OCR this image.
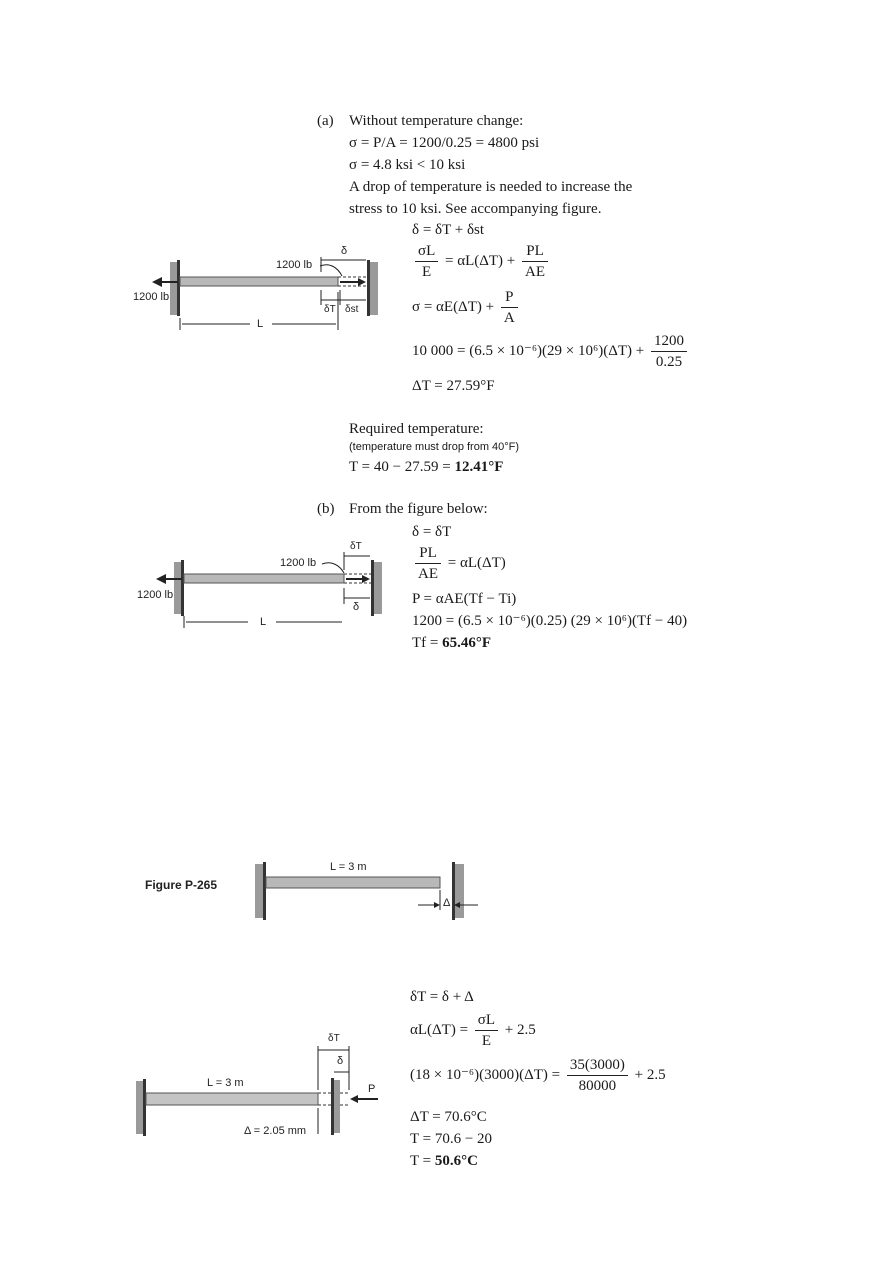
(a) Without temperature change:
σ = P/A = 1200/0.25 = 4800 psi
σ = 4.8 ksi < 10 ksi
A drop of temperature is needed to increase the
stress to 10 ksi. See accompanying figure.
δ = δT + δst
$\frac{\sigma L}{E} = \alpha L(\Delta T) + \frac{PL}{AE}$
$\sigma = \alpha E(\Delta T) + \frac{P}{A}$
10 $000 = (6.5 \times 10^{-6})(29 \times 10^6)(\Delta T) + \frac{1200}{0.25}$
ΔT = 27.59°F
Required temperature:
(temperature must drop from 40°F)
T = 40 − 27.59 = 12.41°F
1200 lb
1200 lb
δ
δT δst
L
(b) From the figure below:
δ = δT
$\frac{PL}{AE} = \alpha L(\Delta T)$
P = αAE(Tf − Ti)
1200 = (6.5 × 10⁻⁶)(0.25) (29 × 10⁶)(Tf − 40)
Tf = 65.46°F
1200 lb
1200 lb
δT
δ
L
Figure P-265
L = 3 m
Δ
δT = δ + Δ
$\alpha L(\Delta T) = \frac{\sigma L}{E} + 2.5$
$(18 \times 10^{-6})(3000)(\Delta T) = \frac{35(3000)}{80000} + 2.5$
ΔT = 70.6°C
T = 70.6 − 20
T = 50.6°C
L = 3 m
Δ = 2.05 mm
δT
δ
P
